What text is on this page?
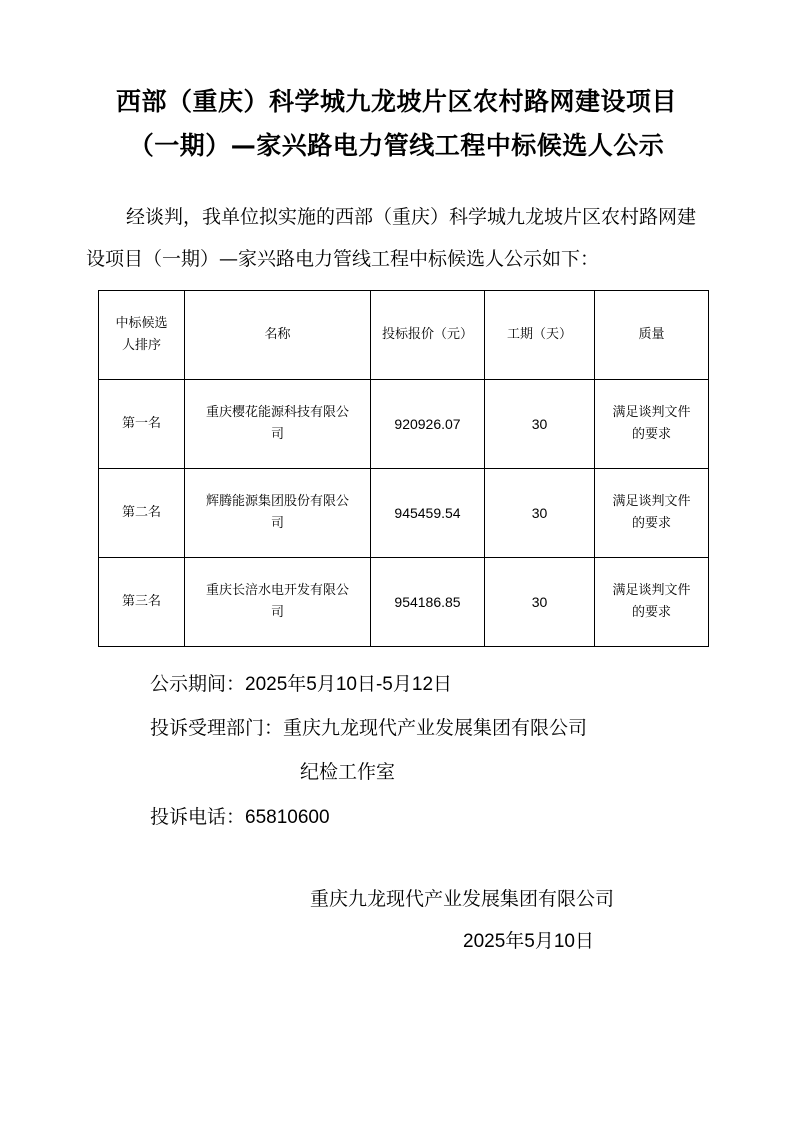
西部（重庆）科学城九龙坡片区农村路网建设项目
（一期）—家兴路电力管线工程中标候选人公示

经谈判，我单位拟实施的西部（重庆）科学城九龙坡片区农村路网建设项目（一期）—家兴路电力管线工程中标候选人公示如下：

中标候选
人排序	名称	投标报价（元）	工期（天）	质量
第一名	重庆樱花能源科技有限公
司	920926.07	30	满足谈判文件
的要求

第二名	辉腾能源集团股份有限公
司	945459.54	30	满足谈判文件
的要求

第三名	重庆长涪水电开发有限公
司	954186.85	30	满足谈判文件
的要求
公示期间：2025年5月10日-5月12日
投诉受理部门：重庆九龙现代产业发展集团有限公司
纪检工作室
投诉电话：65810600
重庆九龙现代产业发展集团有限公司
2025年5月10日
